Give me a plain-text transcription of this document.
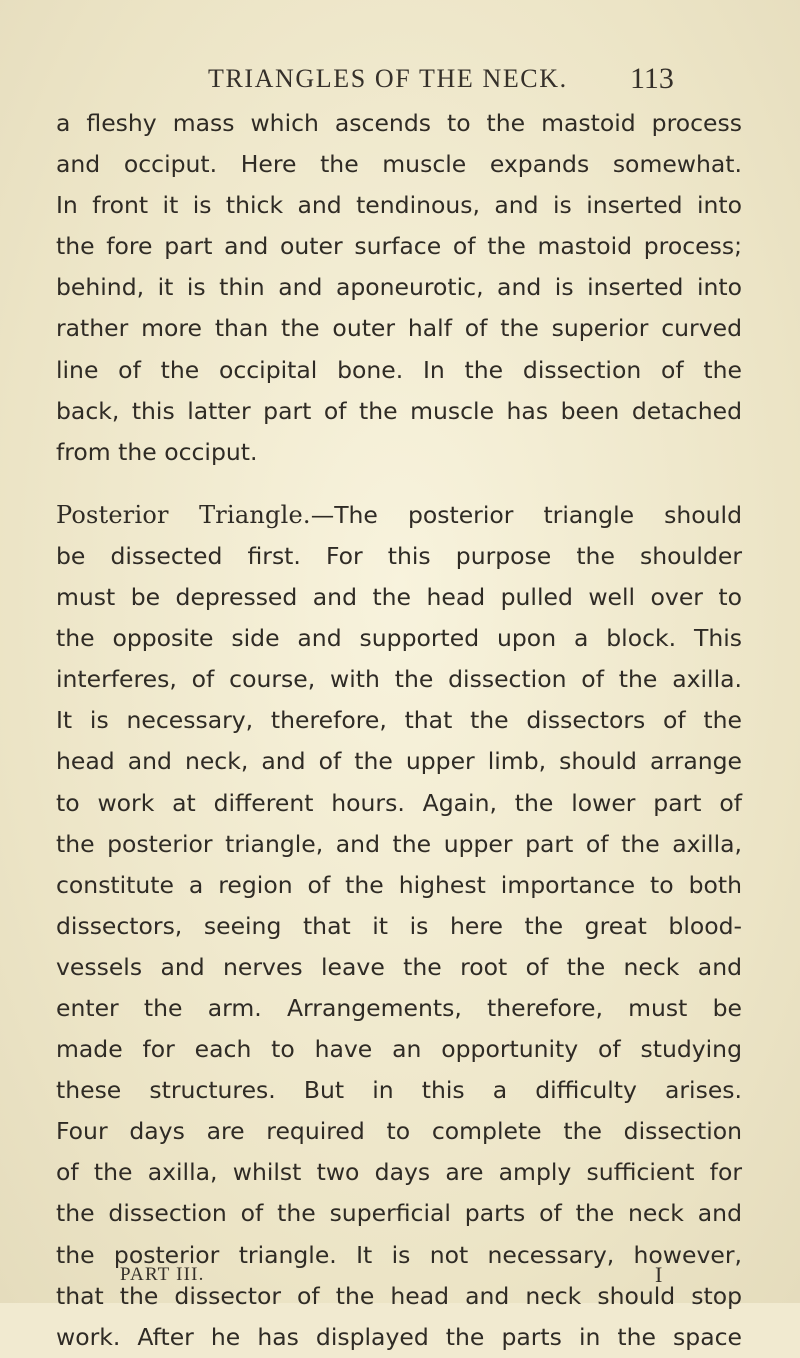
TRIANGLES OF THE NECK. 113
a fleshy mass which ascends to the mastoid process
and occiput. Here the muscle expands somewhat.
In front it is thick and tendinous, and is inserted into
the fore part and outer surface of the mastoid process;
behind, it is thin and aponeurotic, and is inserted into
rather more than the outer half of the superior curved
line of the occipital bone. In the dissection of the
back, this latter part of the muscle has been detached
from the occiput.
Posterior Triangle.—The posterior triangle should
be dissected first. For this purpose the shoulder
must be depressed and the head pulled well over to
the opposite side and supported upon a block. This
interferes, of course, with the dissection of the axilla.
It is necessary, therefore, that the dissectors of the
head and neck, and of the upper limb, should arrange
to work at different hours. Again, the lower part of
the posterior triangle, and the upper part of the axilla,
constitute a region of the highest importance to both
dissectors, seeing that it is here the great blood-
vessels and nerves leave the root of the neck and
enter the arm. Arrangements, therefore, must be
made for each to have an opportunity of studying
these structures. But in this a difficulty arises.
Four days are required to complete the dissection
of the axilla, whilst two days are amply sufficient for
the dissection of the superficial parts of the neck and
the posterior triangle. It is not necessary, however,
that the dissector of the head and neck should stop
work. After he has displayed the parts in the space
PART III.	I
